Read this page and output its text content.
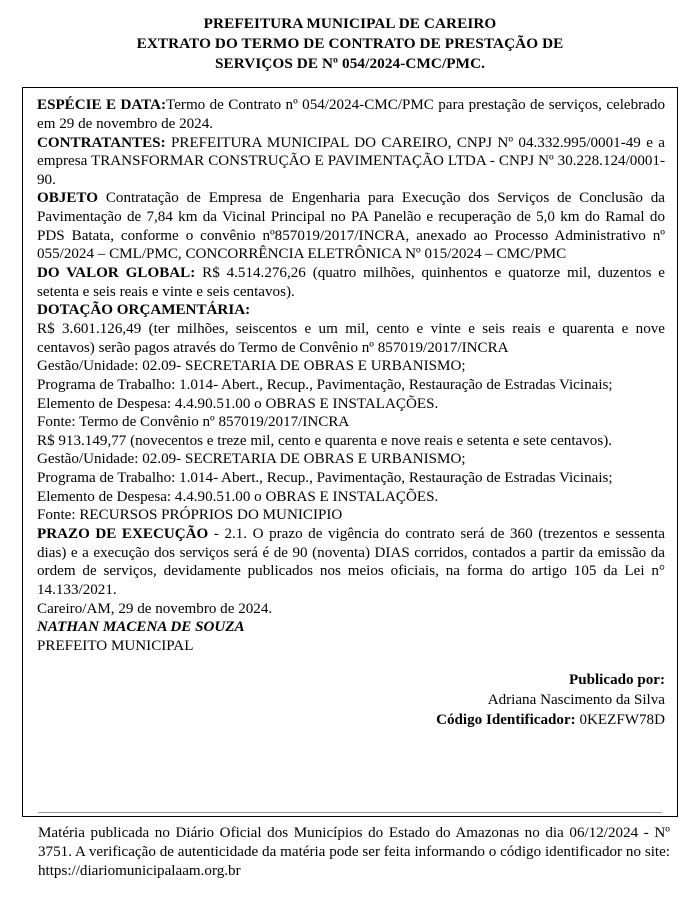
PREFEITURA MUNICIPAL DE CAREIRO
EXTRATO DO TERMO DE CONTRATO DE PRESTAÇÃO DE
SERVIÇOS DE Nº 054/2024-CMC/PMC.

ESPÉCIE E DATA:Termo de Contrato nº 054/2024-CMC/PMC para prestação de serviços, celebrado em 29 de novembro de 2024.

CONTRATANTES: PREFEITURA MUNICIPAL DO CAREIRO, CNPJ Nº 04.332.995/0001-49 e a empresa TRANSFORMAR CONSTRUÇÃO E PAVIMENTAÇÃO LTDA - CNPJ Nº 30.228.124/0001-90.

OBJETO Contratação de Empresa de Engenharia para Execução dos Serviços de Conclusão da Pavimentação de 7,84 km da Vicinal Principal no PA Panelão e recuperação de 5,0 km do Ramal do PDS Batata, conforme o convênio nº857019/2017/INCRA, anexado ao Processo Administrativo nº 055/2024 – CML/PMC, CONCORRÊNCIA ELETRÔNICA Nº 015/2024 – CMC/PMC

DO VALOR GLOBAL: R$ 4.514.276,26 (quatro milhões, quinhentos e quatorze mil, duzentos e setenta e seis reais e vinte e seis centavos).

DOTAÇÃO ORÇAMENTÁRIA:

R$ 3.601.126,49 (ter milhões, seiscentos e um mil, cento e vinte e seis reais e quarenta e nove centavos) serão pagos através do Termo de Convênio nº 857019/2017/INCRA

Gestão/Unidade: 02.09- SECRETARIA DE OBRAS E URBANISMO;

Programa de Trabalho: 1.014- Abert., Recup., Pavimentação, Restauração de Estradas Vicinais;

Elemento de Despesa: 4.4.90.51.00 o OBRAS E INSTALAÇÕES.

Fonte: Termo de Convênio nº 857019/2017/INCRA

R$ 913.149,77 (novecentos e treze mil, cento e quarenta e nove reais e setenta e sete centavos).

Gestão/Unidade: 02.09- SECRETARIA DE OBRAS E URBANISMO;

Programa de Trabalho: 1.014- Abert., Recup., Pavimentação, Restauração de Estradas Vicinais;

Elemento de Despesa: 4.4.90.51.00 o OBRAS E INSTALAÇÕES.

Fonte: RECURSOS PRÓPRIOS DO MUNICIPIO

PRAZO DE EXECUÇÃO - 2.1. O prazo de vigência do contrato será de 360 (trezentos e sessenta dias) e a execução dos serviços será é de 90 (noventa) DIAS corridos, contados a partir da emissão da ordem de serviços, devidamente publicados nos meios oficiais, na forma do artigo 105 da Lei n° 14.133/2021.

Careiro/AM, 29 de novembro de 2024.

NATHAN MACENA DE SOUZA

PREFEITO MUNICIPAL

Publicado por:
Adriana Nascimento da Silva
Código Identificador: 0KEZFW78D
Matéria publicada no Diário Oficial dos Municípios do Estado do Amazonas no dia 06/12/2024 - Nº 3751. A verificação de autenticidade da matéria pode ser feita informando o código identificador no site: https://diariomunicipalaam.org.br
